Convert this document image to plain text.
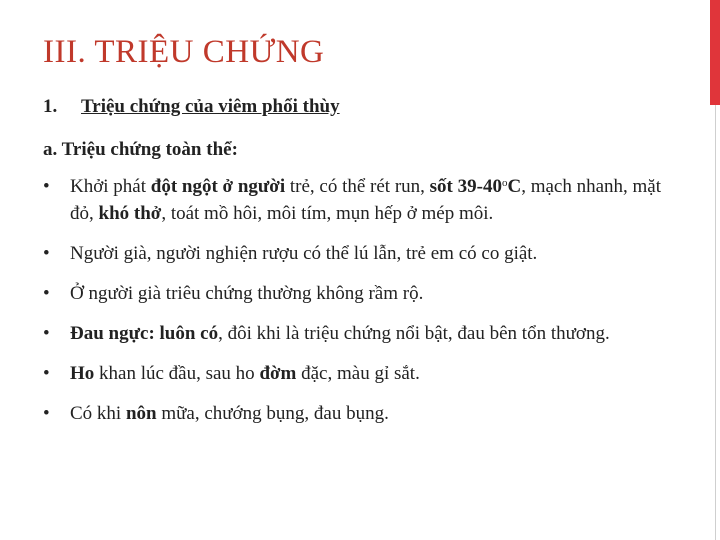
III. TRIỆU CHỨNG
1. Triệu chứng của viêm phổi thùy
a. Triệu chứng toàn thể:
• Khởi phát đột ngột ở người trẻ, có thể rét run, sốt 39-40$^o$C, mạch nhanh, mặt đỏ, khó thở, toát mồ hôi, môi tím, mụn hếp ở mép môi.
• Người già, người nghiện rượu có thể lú lẫn, trẻ em có co giật.
• Ở người già triêu chứng thường không rầm rộ.
• Đau ngực: luôn có, đôi khi là triệu chứng nổi bật, đau bên tổn thương.
• Ho khan lúc đầu, sau ho đờm đặc, màu gỉ sắt.
• Có khi nôn mữa, chướng bụng, đau bụng.
